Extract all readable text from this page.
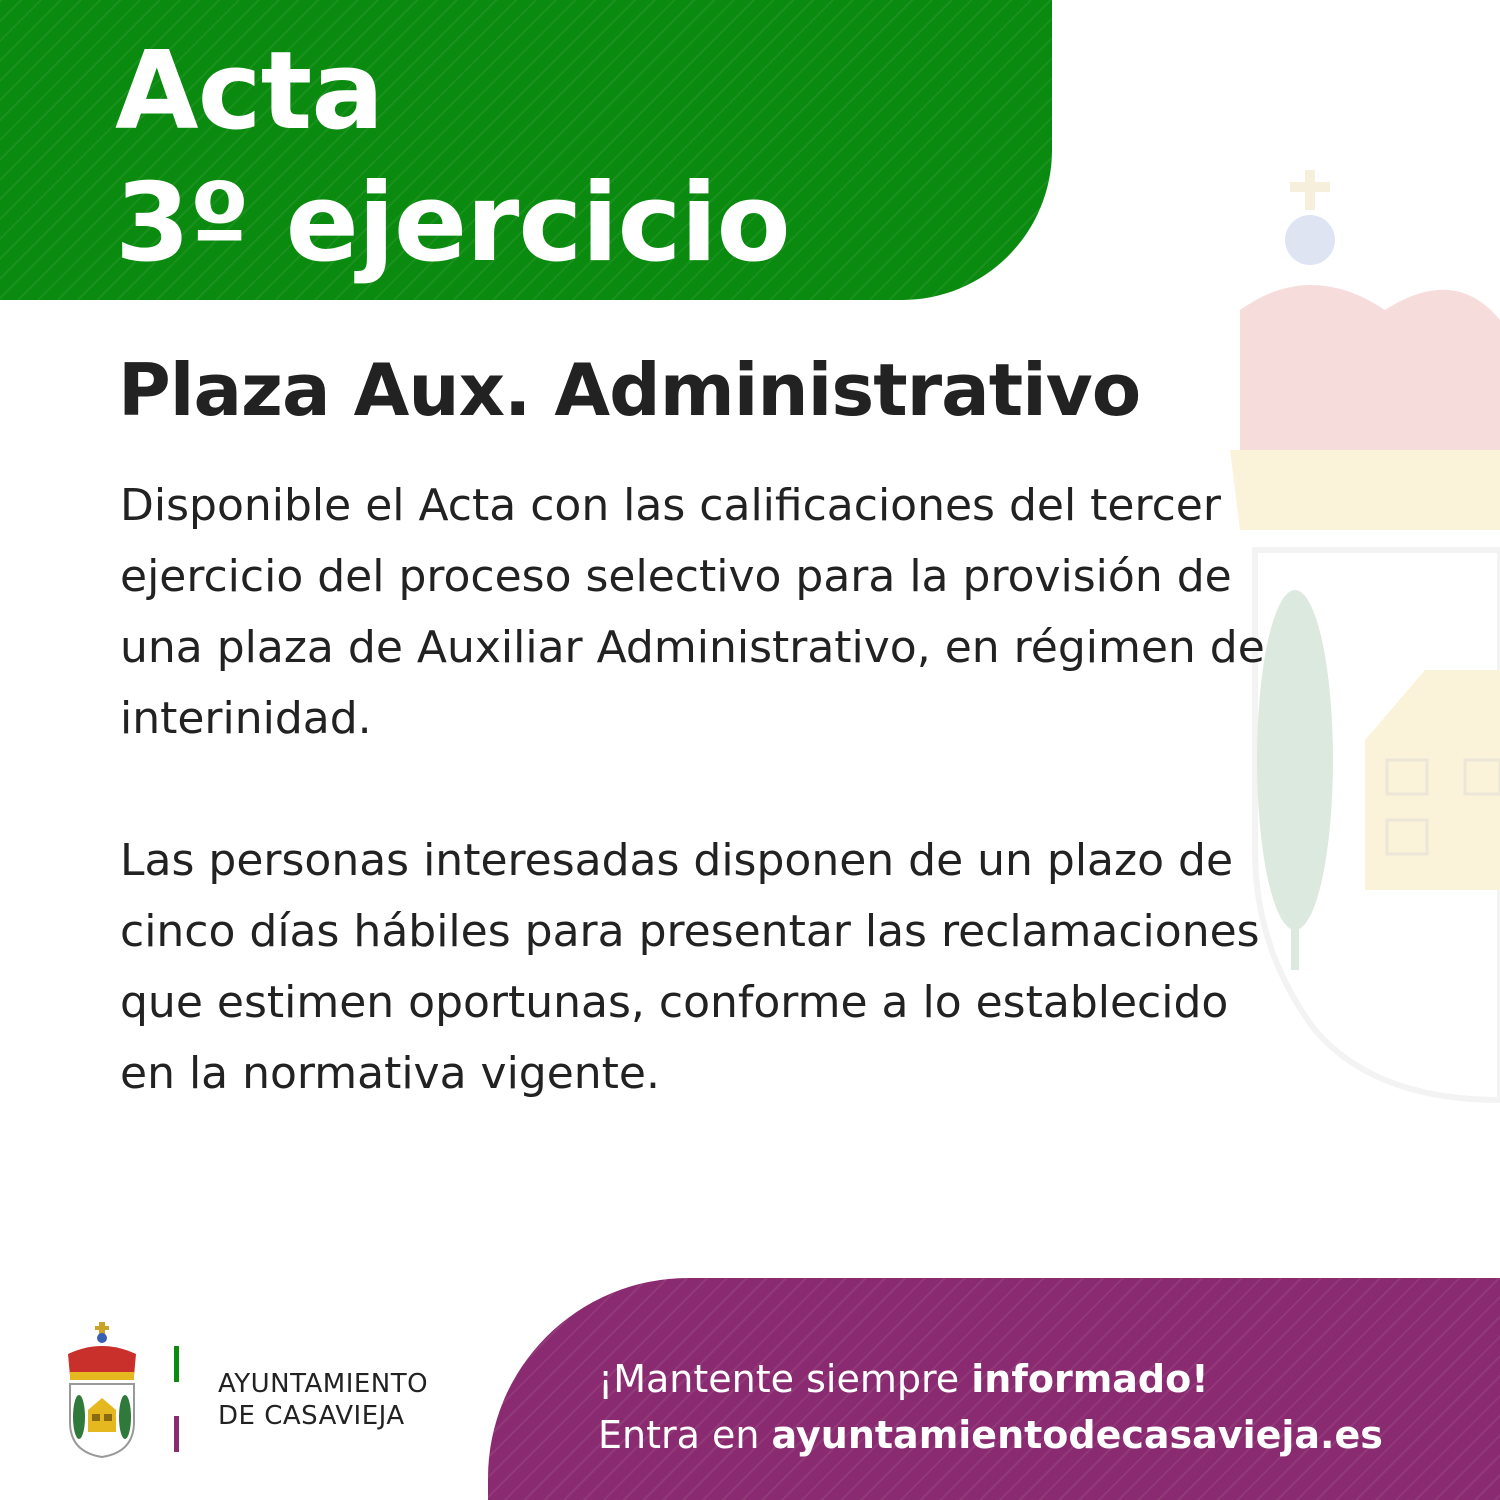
Acta
3º ejercicio
Plaza Aux. Administrativo

Disponible el Acta con las calificaciones del tercer ejercicio del proceso selectivo para la provisión de una plaza de Auxiliar Administrativo, en régimen de interinidad.

Las personas interesadas disponen de un plazo de cinco días hábiles para presentar las reclamaciones que estimen oportunas, conforme a lo establecido en la normativa vigente.

AYUNTAMIENTO
DE CASAVIEJA
¡Mantente siempre informado!
Entra en ayuntamientodecasavieja.es
